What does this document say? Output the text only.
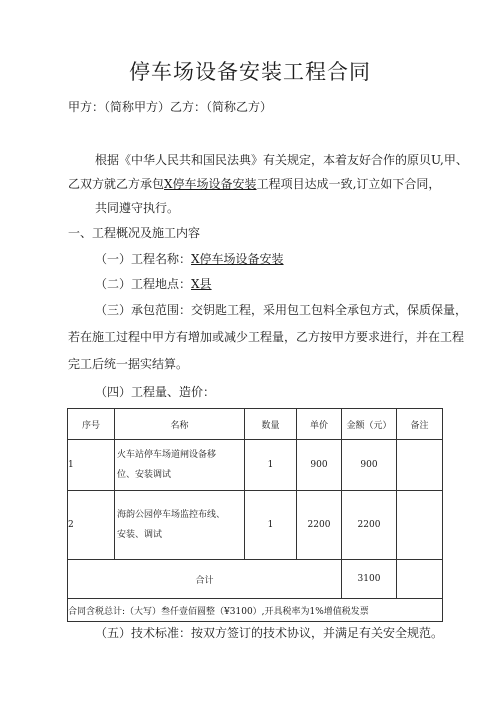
停车场设备安装工程合同
甲方：（简称甲方）乙方：（简称乙方）
根据《中华人民共和国民法典》有关规定，本着友好合作的原贝U,甲、
乙双方就乙方承包X停车场设备安装工程项目达成一致,订立如下合同，
共同遵守执行。
一、工程概况及施工内容
（一）工程名称：X停车场设备安装
（二）工程地点：X县
（三）承包范围：交钥匙工程，采用包工包料全承包方式，保质保量，
若在施工过程中甲方有增加或减少工程量，乙方按甲方要求进行，并在工程
完工后统一据实结算。
（四）工程量、造价：
序号	名称	数量	单价	金额（元）	备注
1	火车站停车场道闸设备移
位、安装调试	1	900	900	
2	海韵公园停车场监控布线、
安装、调试	1	2200	2200	
合计				3100	
合同含税总计:（大写）叁仟壹佰圆整（¥3100）,开具税率为1%增值税发票					
（五）技术标准：按双方签订的技术协议，并满足有关安全规范。
